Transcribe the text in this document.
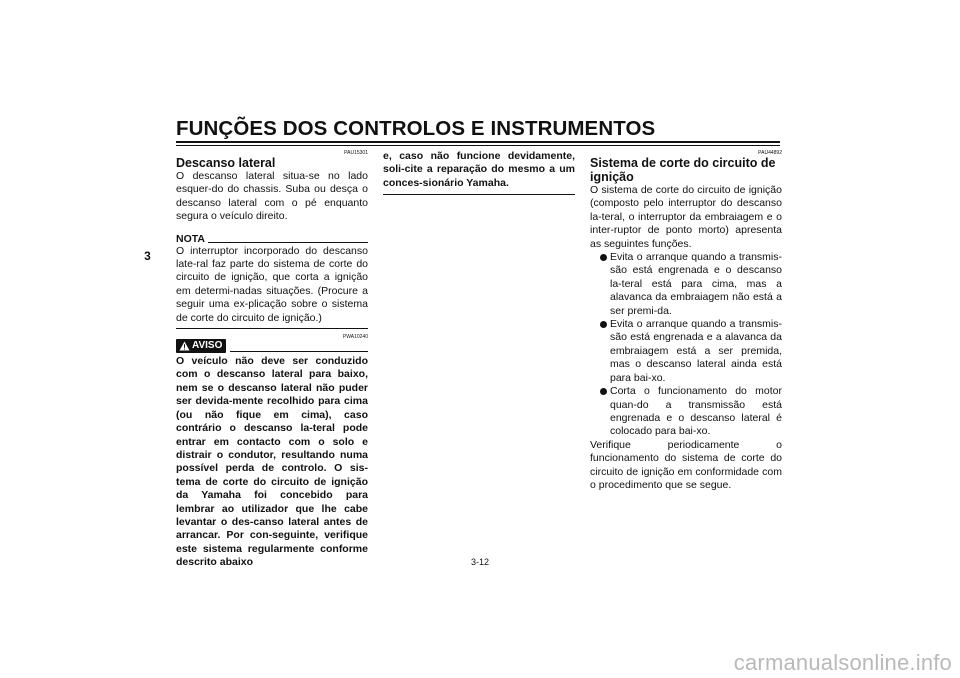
FUNÇÕES DOS CONTROLOS E INSTRUMENTOS
3
PAU15301
Descanso lateral

O descanso lateral situa-se no lado esquer-do do chassis. Suba ou desça o descanso lateral com o pé enquanto segura o veículo direito.

NOTA

O interruptor incorporado do descanso late-ral faz parte do sistema de corte do circuito de ignição, que corta a ignição em determi-nadas situações. (Procure a seguir uma ex-plicação sobre o sistema de corte do circuito de ignição.)

AVISO
PWA10240

O veículo não deve ser conduzido com o descanso lateral para baixo, nem se o descanso lateral não puder ser devida-mente recolhido para cima (ou não fique em cima), caso contrário o descanso la-teral pode entrar em contacto com o solo e distrair o condutor, resultando numa possível perda de controlo. O sis-tema de corte do circuito de ignição da Yamaha foi concebido para lembrar ao utilizador que lhe cabe levantar o des-canso lateral antes de arrancar. Por con-seguinte, verifique este sistema regularmente conforme descrito abaixo

e, caso não funcione devidamente, soli-cite a reparação do mesmo a um conces-sionário Yamaha.

PAU44892
Sistema de corte do circuito de ignição

O sistema de corte do circuito de ignição (composto pelo interruptor do descanso la-teral, o interruptor da embraiagem e o inter-ruptor de ponto morto) apresenta as seguintes funções.

Evita o arranque quando a transmis-são está engrenada e o descanso la-teral está para cima, mas a alavanca da embraiagem não está a ser premi-da.
Evita o arranque quando a transmis-são está engrenada e a alavanca da embraiagem está a ser premida, mas o descanso lateral ainda está para bai-xo.
Corta o funcionamento do motor quan-do a transmissão está engrenada e o descanso lateral é colocado para bai-xo.

Verifique periodicamente o funcionamento do sistema de corte do circuito de ignição em conformidade com o procedimento que se segue.

3-12
carmanualsonline.info
